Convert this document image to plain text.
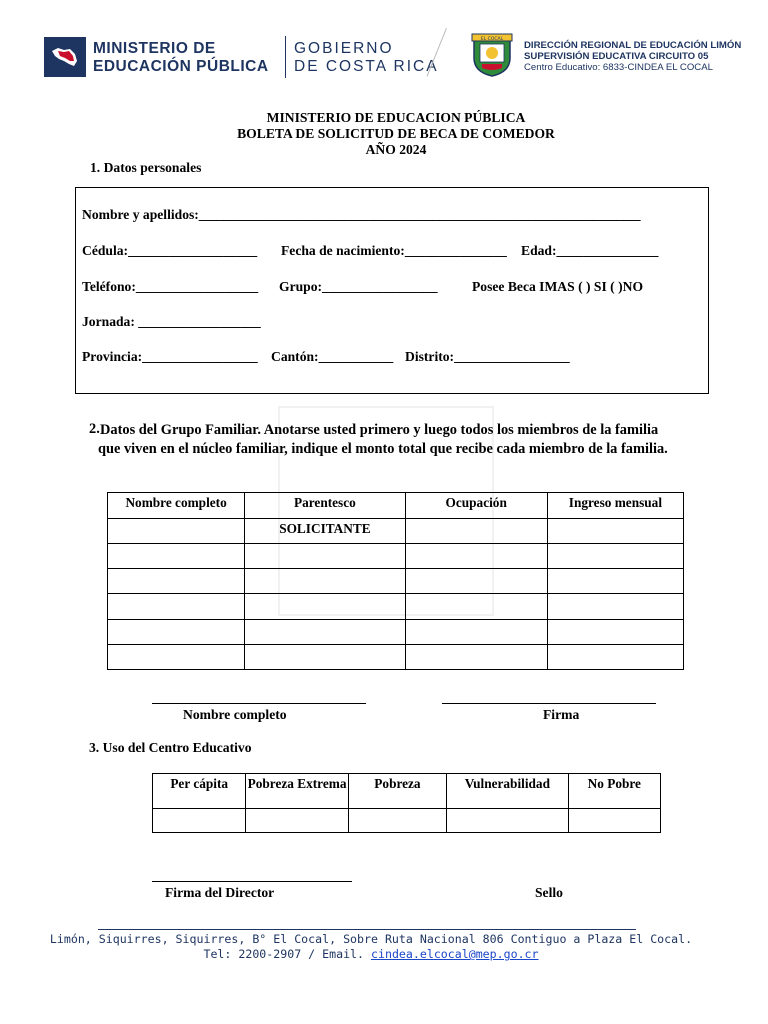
MINISTERIO DE
EDUCACIÓN PÚBLICA
GOBIERNO
DE COSTA RICA
EL COCAL
DIRECCIÓN REGIONAL DE EDUCACIÓN LIMÓN
SUPERVISIÓN EDUCATIVA CIRCUITO 05
Centro Educativo: 6833-CINDEA EL COCAL
MINISTERIO DE EDUCACION PÚBLICA
BOLETA DE SOLICITUD DE BECA DE COMEDOR
AÑO 2024
1. Datos personales
Nombre y apellidos:_________________________________________________________________
Cédula:___________________ Fecha de nacimiento:_______________ Edad:_______________
Teléfono:__________________ Grupo:_________________	Posee Beca IMAS ( ) SI ( )NO
Jornada: __________________
Provincia:_________________ Cantón:___________ Distrito:_________________
2. Datos del Grupo Familiar. Anotarse usted primero y luego todos los miembros de la familia que viven en el núcleo familiar, indique el monto total que recibe cada miembro de la familia.
Nombre completo	Parentesco	Ocupación	Ingreso mensual
	SOLICITANTE		

Nombre completo	Firma
3. Uso del Centro Educativo
Per cápita	Pobreza Extrema	Pobreza	Vulnerabilidad	No Pobre

Firma del Director	Sello
Limón, Siquirres, Siquirres, B° El Cocal, Sobre Ruta Nacional 806 Contiguo a Plaza El Cocal.
Tel: 2200-2907 / Email. cindea.elcocal@mep.go.cr
